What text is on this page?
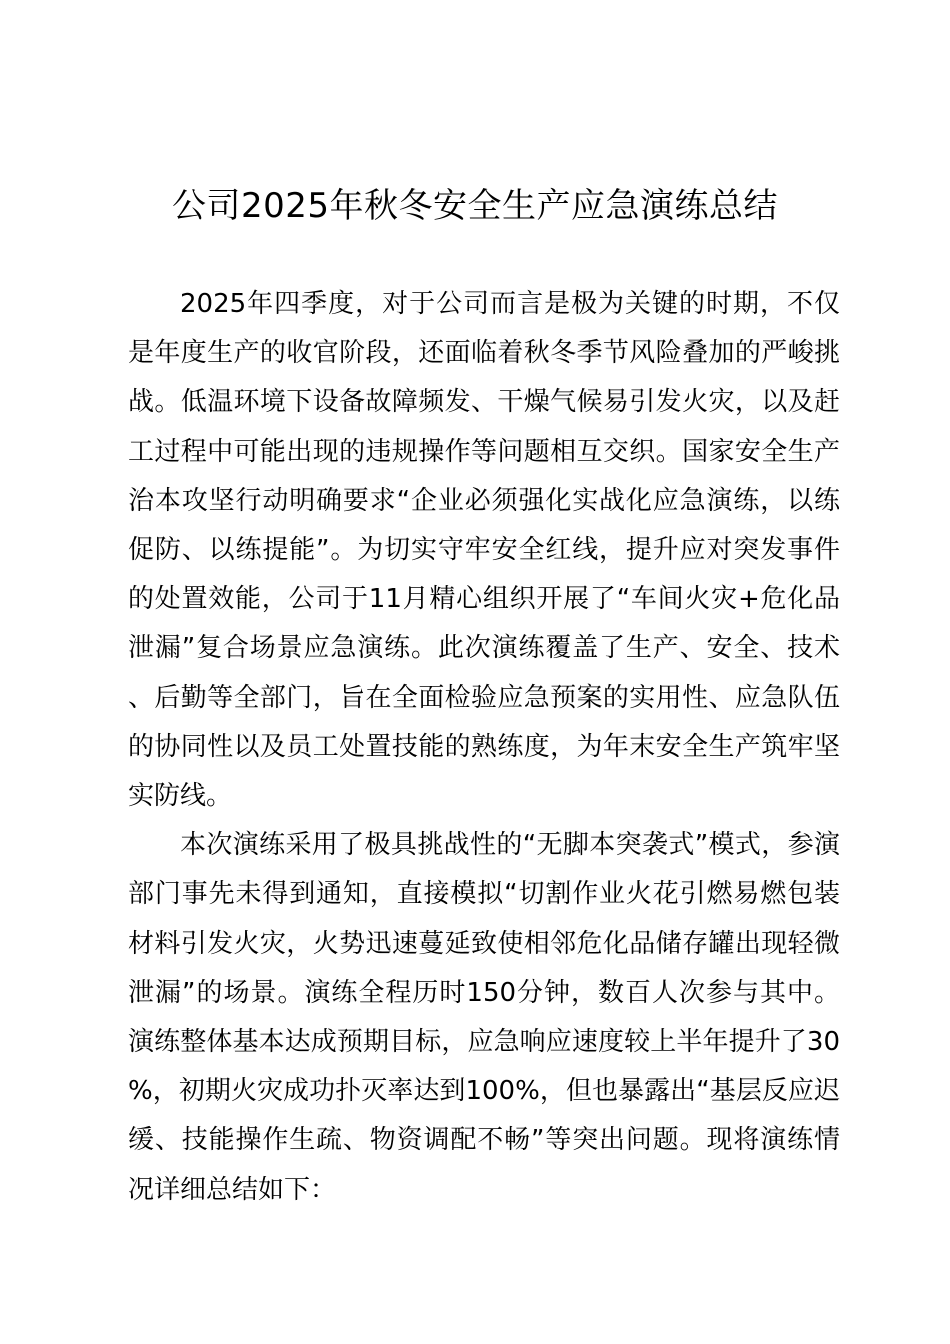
公司2025年秋冬安全生产应急演练总结

2025年四季度，对于公司而言是极为关键的时期，不仅是年度生产的收官阶段，还面临着秋冬季节风险叠加的严峻挑战。低温环境下设备故障频发、干燥气候易引发火灾，以及赶工过程中可能出现的违规操作等问题相互交织。国家安全生产治本攻坚行动明确要求“企业必须强化实战化应急演练，以练促防、以练提能”。为切实守牢安全红线，提升应对突发事件的处置效能，公司于11月精心组织开展了“车间火灾+危化品泄漏”复合场景应急演练。此次演练覆盖了生产、安全、技术、后勤等全部门，旨在全面检验应急预案的实用性、应急队伍的协同性以及员工处置技能的熟练度，为年末安全生产筑牢坚实防线。

本次演练采用了极具挑战性的“无脚本突袭式”模式，参演部门事先未得到通知，直接模拟“切割作业火花引燃易燃包装材料引发火灾，火势迅速蔓延致使相邻危化品储存罐出现轻微泄漏”的场景。演练全程历时150分钟，数百人次参与其中。演练整体基本达成预期目标，应急响应速度较上半年提升了30%，初期火灾成功扑灭率达到100%，但也暴露出“基层反应迟缓、技能操作生疏、物资调配不畅”等突出问题。现将演练情况详细总结如下：
